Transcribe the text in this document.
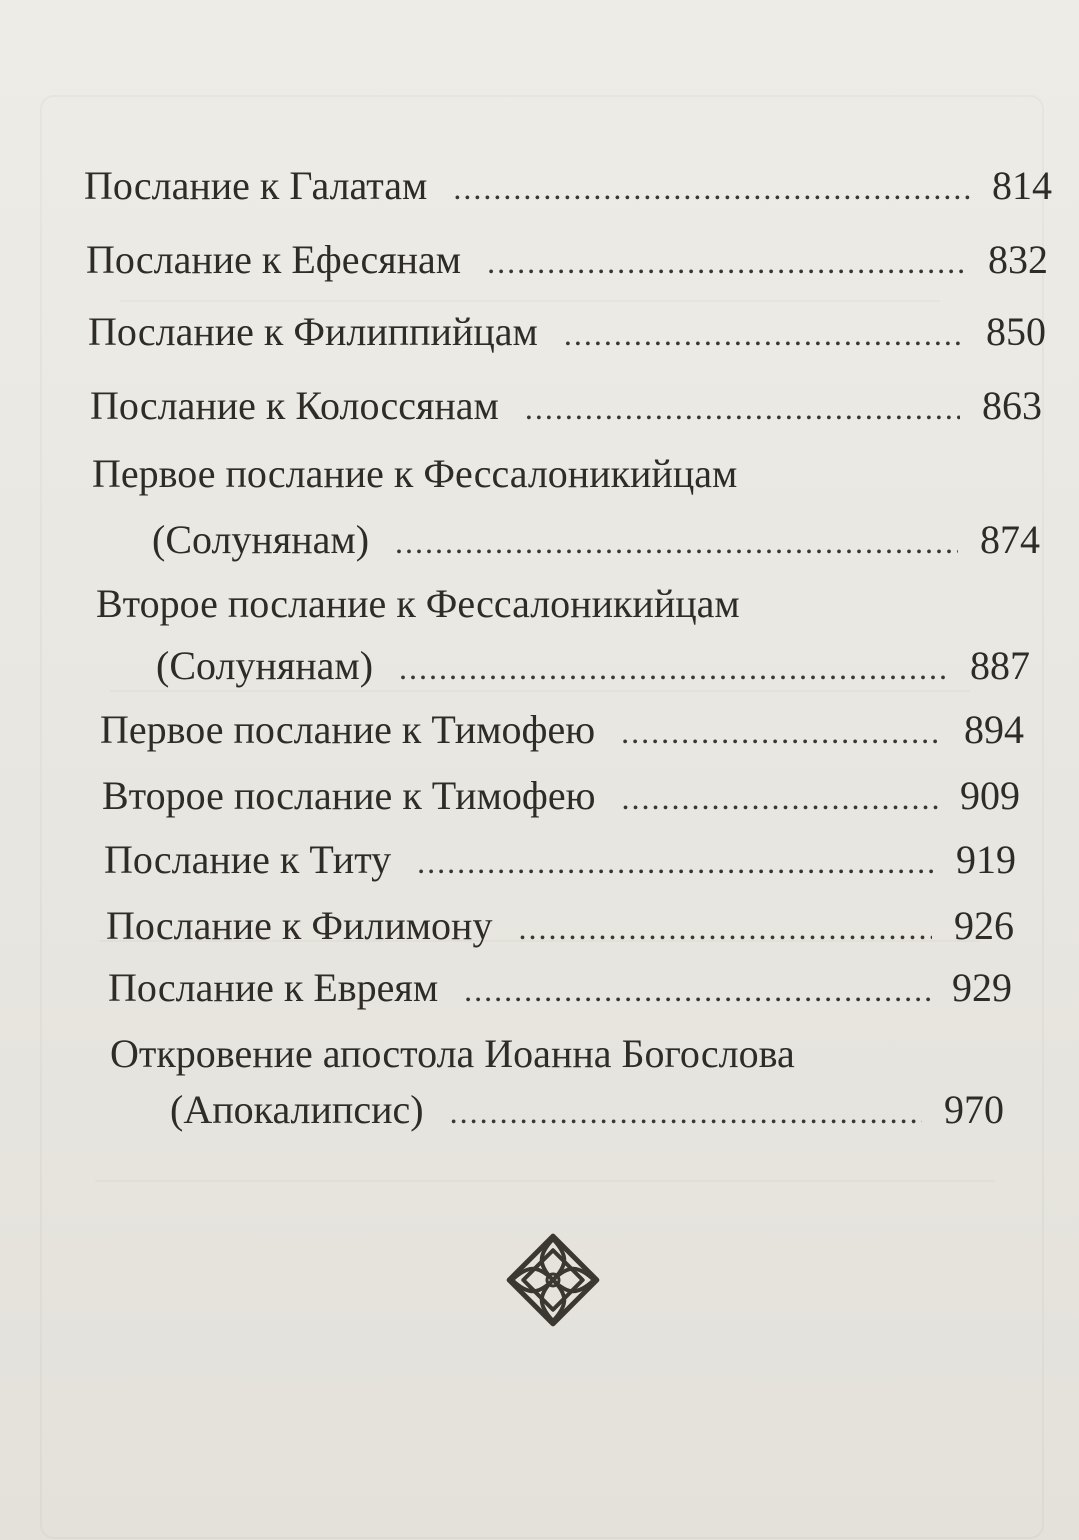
Послание к Галатам .....	814
Послание к Ефесянам .....	832
Послание к Филиппийцам .....	850
Послание к Колоссянам .....	863
Первое послание к Фессалоникийцам
(Солунянам) .....	874
Второе послание к Фессалоникийцам
(Солунянам) .....	887
Первое послание к Тимофею .....	894
Второе послание к Тимофею .....	909
Послание к Титу .....	919
Послание к Филимону .....	926
Послание к Евреям .....	929
Откровение апостола Иоанна Богослова
(Апокалипсис) .....	970
